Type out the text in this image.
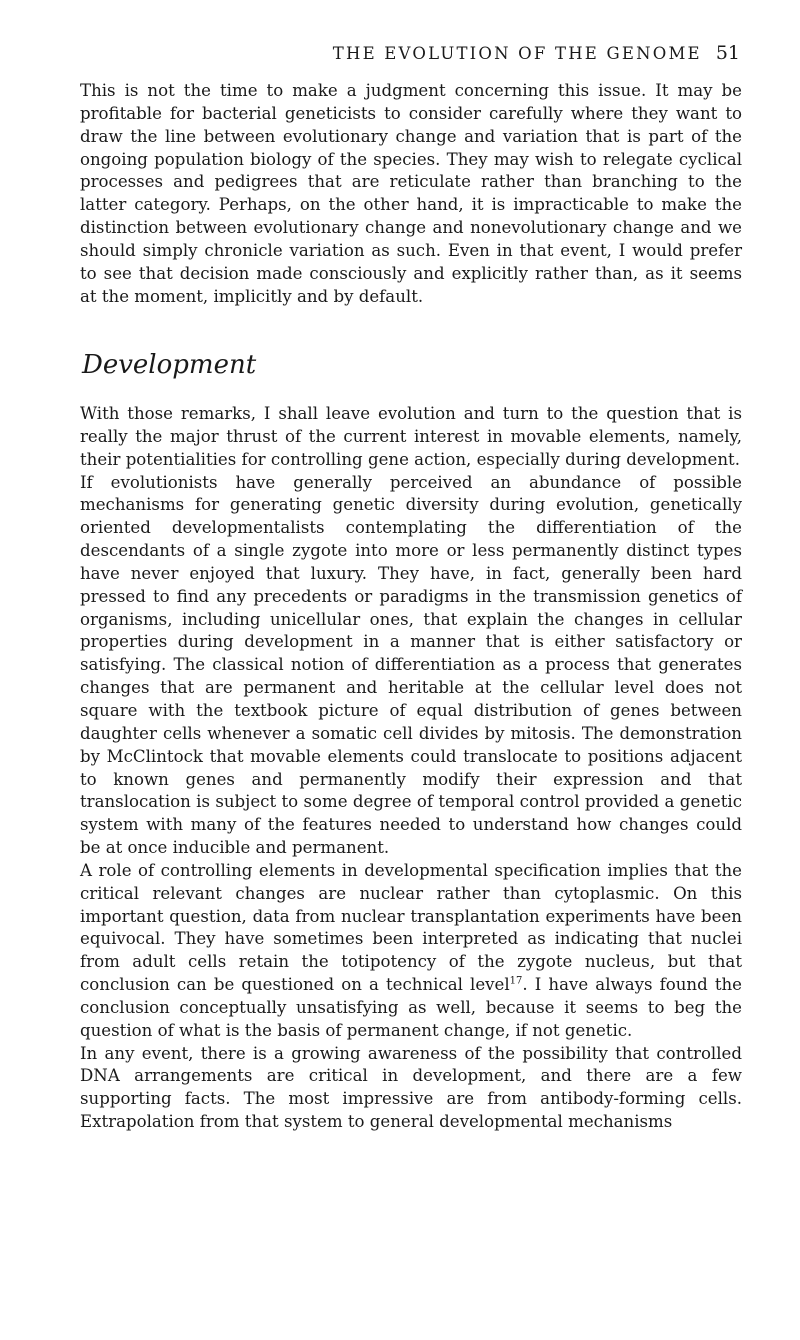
THE EVOLUTION OF THE GENOME 51

This is not the time to make a judgment concerning this issue. It may be profitable for bacterial geneticists to consider carefully where they want to draw the line between evolutionary change and variation that is part of the ongoing population biology of the species. They may wish to relegate cyclical processes and pedigrees that are reticulate rather than branching to the latter category. Perhaps, on the other hand, it is impracticable to make the distinction between evolutionary change and nonevolutionary change and we should simply chronicle variation as such. Even in that event, I would prefer to see that decision made consciously and explicitly rather than, as it seems at the moment, implicitly and by default.

Development

With those remarks, I shall leave evolution and turn to the question that is really the major thrust of the current interest in movable elements, namely, their potentialities for controlling gene action, especially during development.

If evolutionists have generally perceived an abundance of possible mechanisms for generating genetic diversity during evolution, genetically oriented developmentalists contemplating the differentiation of the descendants of a single zygote into more or less permanently distinct types have never enjoyed that luxury. They have, in fact, generally been hard pressed to find any precedents or paradigms in the transmission genetics of organisms, including unicellular ones, that explain the changes in cellular properties during development in a manner that is either satisfactory or satisfying. The classical notion of differentiation as a process that generates changes that are permanent and heritable at the cellular level does not square with the textbook picture of equal distribution of genes between daughter cells whenever a somatic cell divides by mitosis. The demonstration by McClintock that movable elements could translocate to positions adjacent to known genes and permanently modify their expression and that translocation is subject to some degree of temporal control provided a genetic system with many of the features needed to understand how changes could be at once inducible and permanent.

A role of controlling elements in developmental specification implies that the critical relevant changes are nuclear rather than cytoplasmic. On this important question, data from nuclear transplantation experiments have been equivocal. They have sometimes been interpreted as indicating that nuclei from adult cells retain the totipotency of the zygote nucleus, but that conclusion can be questioned on a technical level$^{17}$. I have always found the conclusion conceptually unsatisfying as well, because it seems to beg the question of what is the basis of permanent change, if not genetic.

In any event, there is a growing awareness of the possibility that controlled DNA arrangements are critical in development, and there are a few supporting facts. The most impressive are from antibody-forming cells. Extrapolation from that system to general developmental mechanisms
